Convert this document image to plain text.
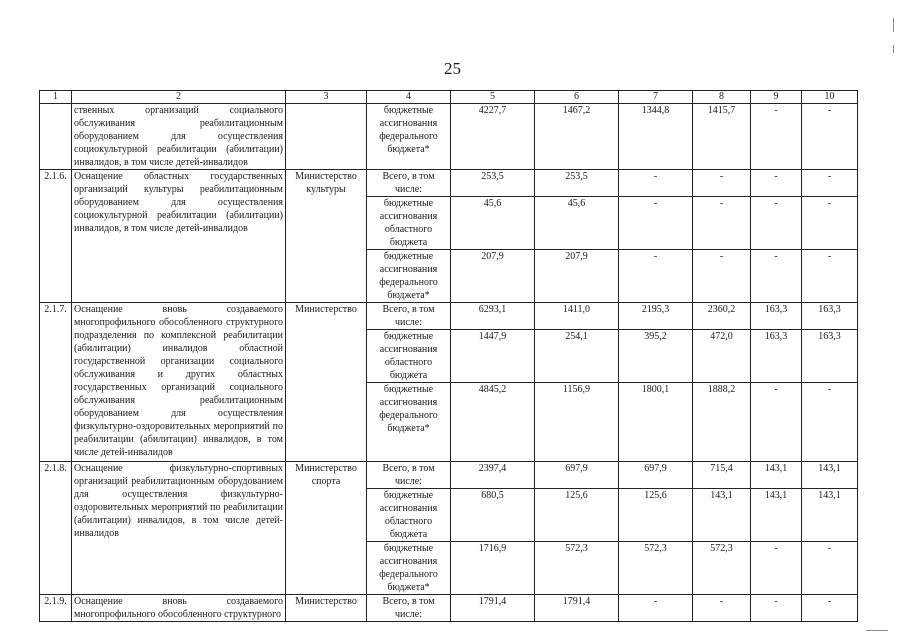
25
1	2	3	4	5	6	7	8	9	10
	ственных организаций социального обслуживания реабилитационным оборудованием для осуществления социокультурной реабилитации (абилитации) инвалидов, в том числе детей-инвалидов		бюджетные ассигнования федерального бюджета*	4227,7	1467,2	1344,8	1415,7	-	-
2.1.6.	Оснащение областных государственных организаций культуры реабилитационным оборудованием для осуществления социокультурной реабилитации (абилитации) инвалидов, в том числе детей-инвалидов	Министерство культуры	Всего, в том числе:	253,5	253,5	-	-	-	-
			бюджетные ассигнования областного бюджета	45,6	45,6	-	-	-	-
			бюджетные ассигнования федерального бюджета*	207,9	207,9	-	-	-	-
2.1.7.	Оснащение вновь создаваемого многопрофильного обособленного структурного подразделения по комплексной реабилитации (абилитации) инвалидов областной государственной организации социального обслуживания и других областных государственных организаций социального обслуживания реабилитационным оборудованием для осуществления физкультурно-оздоровительных мероприятий по реабилитации (абилитации) инвалидов, в том числе детей-инвалидов	Министерство	Всего, в том числе:	6293,1	1411,0	2195,3	2360,2	163,3	163,3
			бюджетные ассигнования областного бюджета	1447,9	254,1	395,2	472,0	163,3	163,3
			бюджетные ассигнования федерального бюджета*	4845,2	1156,9	1800,1	1888,2	-	-
2.1.8.	Оснащение физкультурно-спортивных организаций реабилитационным оборудованием для осуществления физкультурно-оздоровительных мероприятий по реабилитации (абилитации) инвалидов, в том числе детей-инвалидов	Министерство спорта	Всего, в том числе:	2397,4	697,9	697,9	715,4	143,1	143,1
			бюджетные ассигнования областного бюджета	680,5	125,6	125,6	143,1	143,1	143,1
			бюджетные ассигнования федерального бюджета*	1716,9	572,3	572,3	572,3	-	-
2.1.9.	Оснащение вновь создаваемого многопрофильного обособленного структурного	Министерство	Всего, в том числе:	1791,4	1791,4	-	-	-	-
